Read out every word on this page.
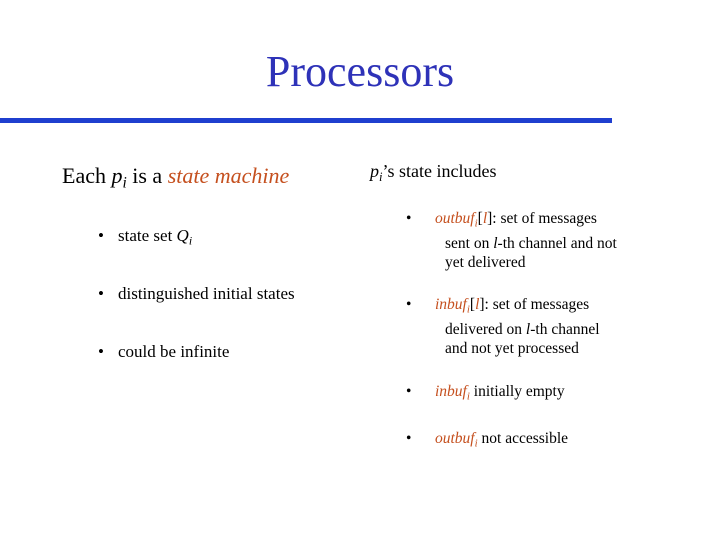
Processors
Each $p_i$ is a state machine
• state set $Q_i$
• distinguished initial states
• could be infinite
$p_i’s$ state includes
•	outbuf$_i$[l]: set of messages
sent on l-th channel and not
yet delivered
•	inbuf$_i$[l]: set of messages
delivered on l-th channel
and not yet processed
•	inbuf$_i$ initially empty
•	outbuf$_i$ not accessible
